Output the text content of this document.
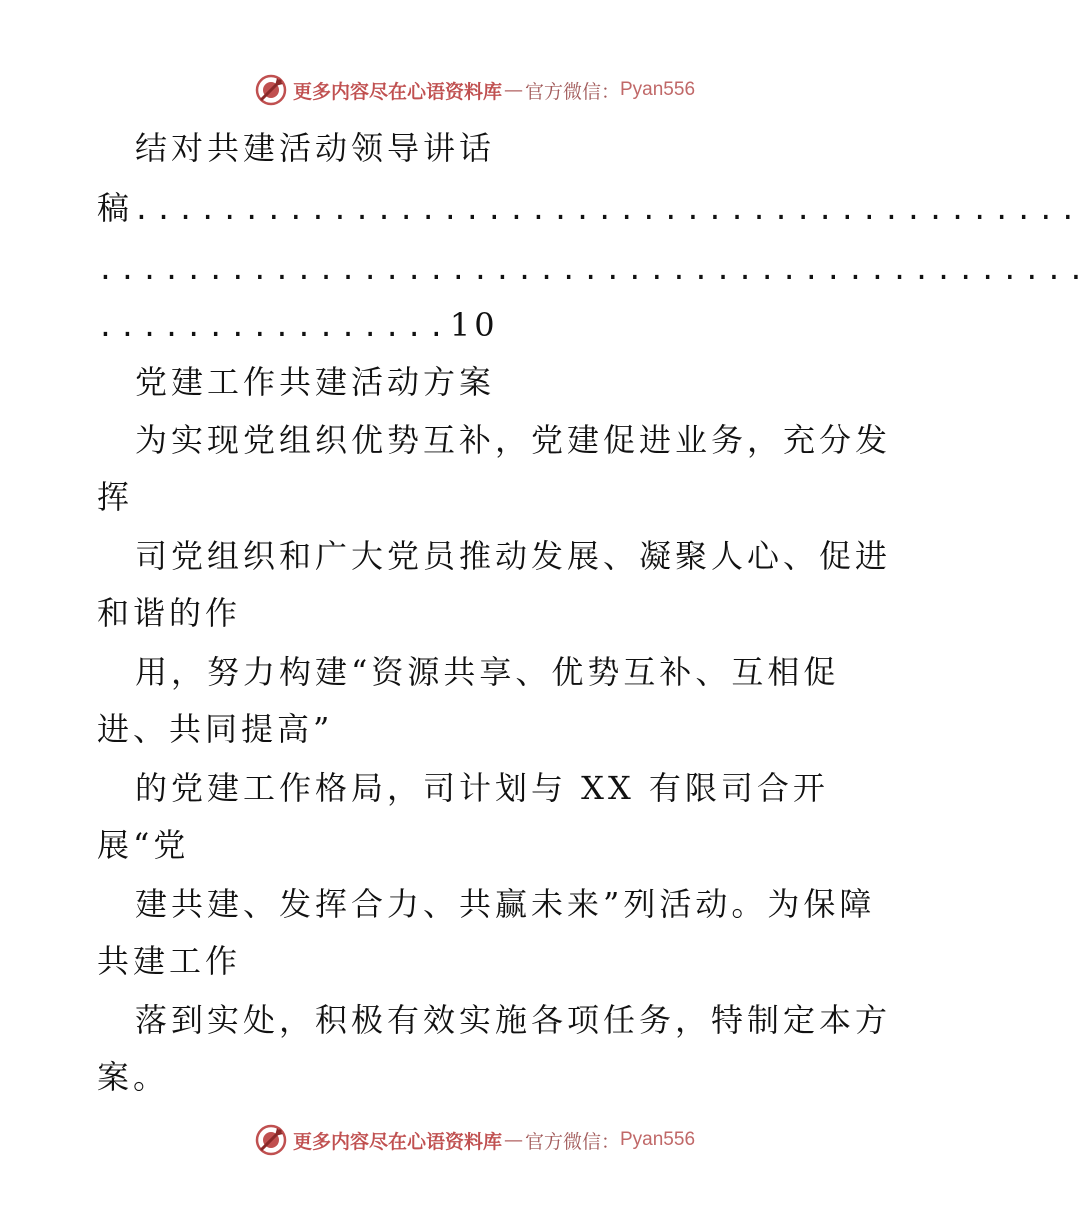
更多内容尽在心语资料库 — 官方微信： Pyan556
结对共建活动领导讲话
稿...........................................
.............................................
................10
党建工作共建活动方案
为实现党组织优势互补，党建促进业务，充分发
挥
司党组织和广大党员推动发展、凝聚人心、促进
和谐的作
用，努力构建“资源共享、优势互补、互相促
进、共同提高”
的党建工作格局，司计划与 XX 有限司合开
展“党
建共建、发挥合力、共赢未来”列活动。为保障
共建工作
落到实处，积极有效实施各项任务，特制定本方
案。
更多内容尽在心语资料库 — 官方微信： Pyan556
